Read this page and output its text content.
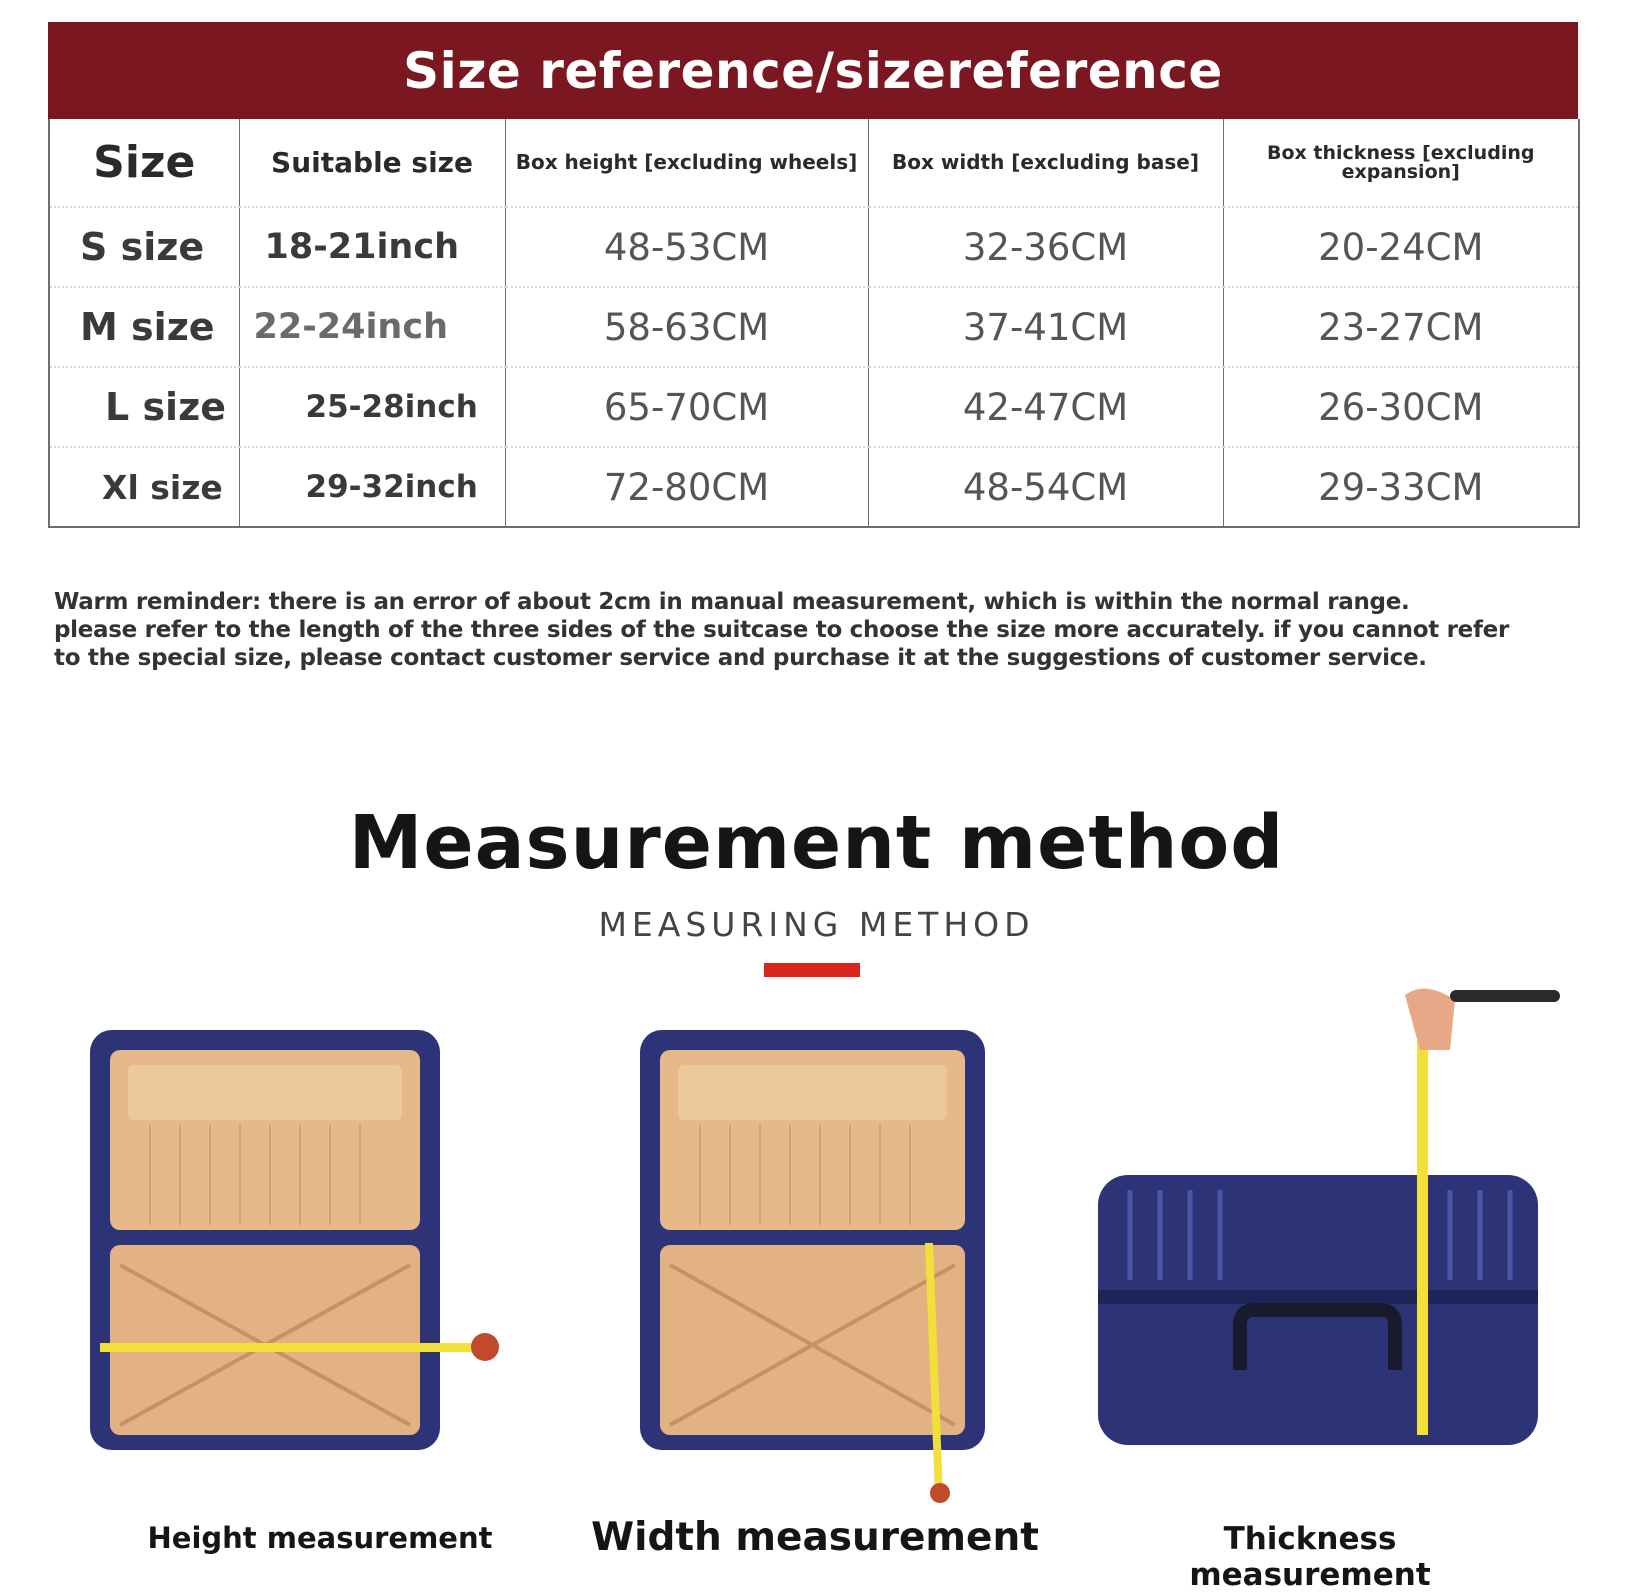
Size reference/sizereference
Size	Suitable size	Box height [excluding wheels]	Box width [excluding base]	Box thickness [excluding expansion]
S size	18-21inch	48-53CM	32-36CM	20-24CM
M size	22-24inch	58-63CM	37-41CM	23-27CM
L size	25-28inch	65-70CM	42-47CM	26-30CM
Xl size	29-32inch	72-80CM	48-54CM	29-33CM
Warm reminder: there is an error of about 2cm in manual measurement, which is within the normal range.
please refer to the length of the three sides of the suitcase to choose the size more accurately. if you cannot refer
to the special size, please contact customer service and purchase it at the suggestions of customer service.
Measurement method
MEASURING METHOD
Height measurement	Width measurement	Thickness measurement
